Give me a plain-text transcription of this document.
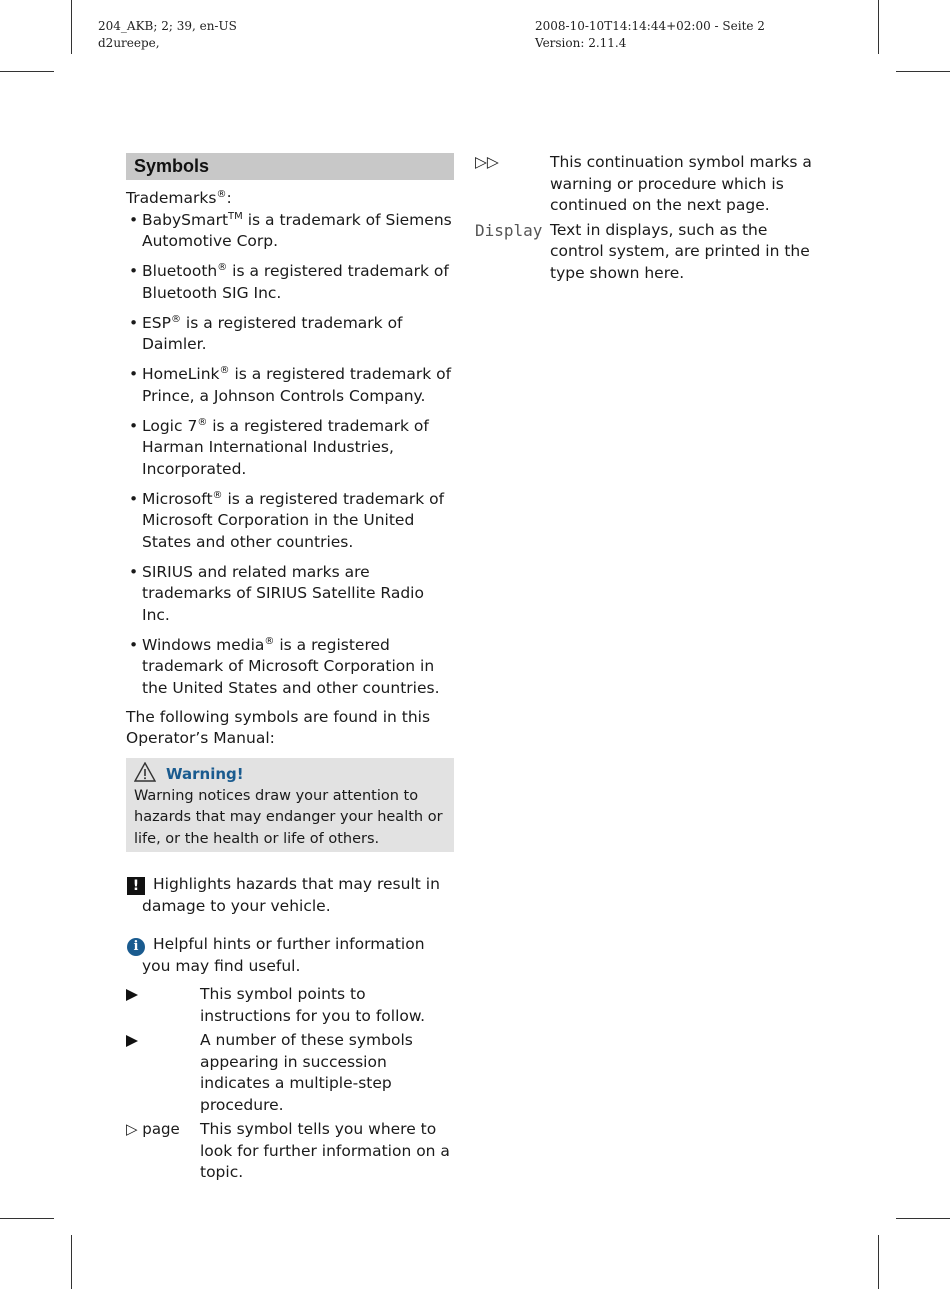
204_AKB; 2; 39, en-US
d2ureepe,
2008-10-10T14:14:44+02:00 - Seite 2
Version: 2.11.4
Symbols
Trademarks®:
• BabySmart™ is a trademark of Siemens Automotive Corp.
• Bluetooth® is a registered trademark of Bluetooth SIG Inc.
• ESP® is a registered trademark of Daimler.
• HomeLink® is a registered trademark of Prince, a Johnson Controls Company.
• Logic 7® is a registered trademark of Harman International Industries, Incorporated.
• Microsoft® is a registered trademark of Microsoft Corporation in the United States and other countries.
• SIRIUS and related marks are trademarks of SIRIUS Satellite Radio Inc.
• Windows media® is a registered trademark of Microsoft Corporation in the United States and other countries.
The following symbols are found in this Operator’s Manual:
Warning!
Warning notices draw your attention to hazards that may endanger your health or life, or the health or life of others.
! Highlights hazards that may result in damage to your vehicle.
i Helpful hints or further information you may find useful.
This symbol points to instructions for you to follow.
A number of these symbols appearing in succession indicates a multiple-step procedure.
▷ page	This symbol tells you where to look for further information on a topic.
▷▷	This continuation symbol marks a warning or procedure which is continued on the next page.
Display Text in displays, such as the control system, are printed in the type shown here.
